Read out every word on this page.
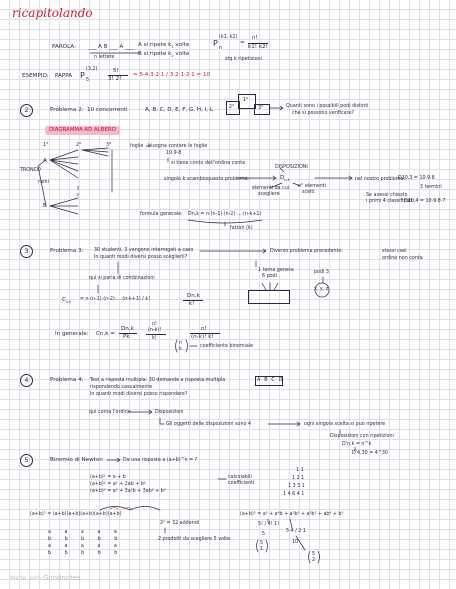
ricapitolando
PAROLA: ___ A B ___ A ___
n lettere
A si ripete $k_1$ volte
B si ripete $k_2$ volte
P
(k1, k2)
n
=
n!
k1! k2!
stq k ripetizioni
ESEMPIO: PAPPA P
(3,2)
5
5!
3! 2!
= 5·4·3·2·1 / 3·2·1·2·1 = 10
2	Problema 2: 10 concorrenti	A, B, C, D, E, F, G, H, I, L
1°
2°	3°	Quanti sono i possibili podi distinti
che si possono verificare?
DIAGRAMMA AD ALBERO
1°	2°	3°
A
B
TRONCO
rami
foglie bisogna contare le foglie
10·9·8
si tiene conto dell'ordine conta
singolo k scambio questo problema:
DISPOSIZIONI
$D_{n,k}$
elementi da cui
scegliere
n° elementi
scelti
nel nostro problema:
D10,3 = 10·9·8
3 termini
Se avessi chiesto
i primi 4 classificati:
D10,4 = 10·9·8·7
formula generale: Dn,k = n·(n-1)·(n-2)·...·(n-k+1)
fattori (k)
3	Problema 3: 30 studenti, 3 vengono interrogati a caso
In quanti modi diversi posso sceglierli?
Diverso problema precedente:	stessi casi
ordine non conta
1 terna genera
6 podi
podi 3
x, y, z
qui si parla di combinazioni
$C_{n,k}$
= n·(n-1)·(n-2)·...·(n-k+1) / k!
Dn,k
k!
In generale: Cn,k =
Dn,k
Pk
n!
(n-k)!
k!
n!
(n-k)! k!
n
k
coefficiente binomiale
4	Problema 4: Test a risposta multipla: 30 domande a risposta multipla	A B C D
rispondendo casualmente
In quanti modi diversi posso rispondere?
qui conta l'ordine	Disposizioni
Gli oggetti delle disposizioni sono 4	ogni singola scelta si puo ripetere
Disposizioni con ripetizioni
D'n,k = n^k
D'4,30 = 4^30
5	Binomio di Newton	Da una risposta a (a+b)^n = ?
(a+b)¹ = a + b
(a+b)² = a² + 2ab + b²
(a+b)³ = a³ + 3a²b + 3ab² + b³
calcolabili
coefficienti
1 1
1 2 1
1 3 3 1
1 4 6 4 1
(a+b)⁵ = (a+b)(a+b)(a+b)(a+b)(a+b)
a a a a a
b b b b b
a a a a a
b b b b b
2⁵ = 32 addendi
2 prodotti da scegliere 5 volte
(a+b)⁵ = a⁵ + a⁴b + a³b² + a²b³ + ab⁴ + b⁵
5! / 4! 1!
5
5·4 / 2·1
10
5
1
5
2
Made with Goodnotes
